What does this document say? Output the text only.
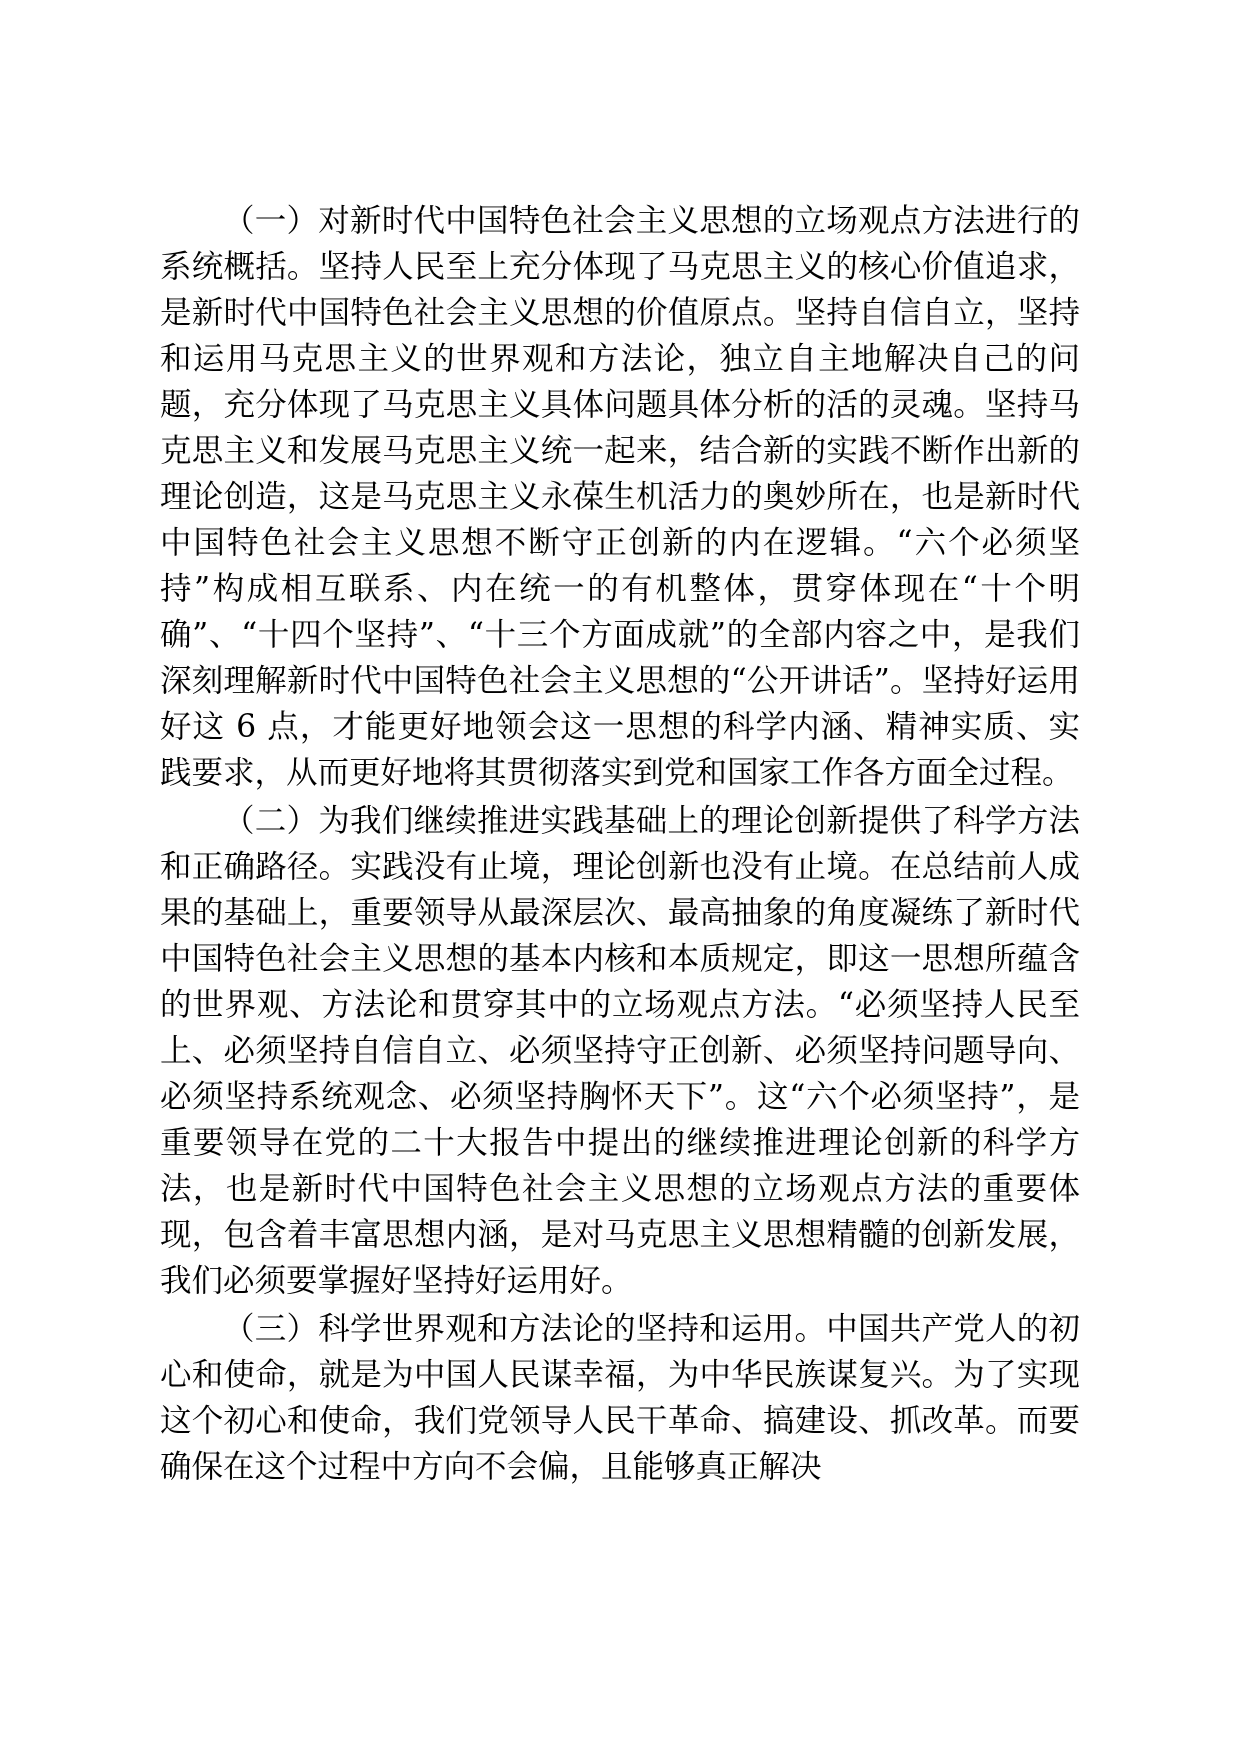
（一）对新时代中国特色社会主义思想的立场观点方法进行的系统概括。坚持人民至上充分体现了马克思主义的核心价值追求，是新时代中国特色社会主义思想的价值原点。坚持自信自立，坚持和运用马克思主义的世界观和方法论，独立自主地解决自己的问题，充分体现了马克思主义具体问题具体分析的活的灵魂。坚持马克思主义和发展马克思主义统一起来，结合新的实践不断作出新的理论创造，这是马克思主义永葆生机活力的奥妙所在，也是新时代中国特色社会主义思想不断守正创新的内在逻辑。“六个必须坚持”构成相互联系、内在统一的有机整体，贯穿体现在“十个明确”、“十四个坚持”、“十三个方面成就”的全部内容之中，是我们深刻理解新时代中国特色社会主义思想的“公开讲话”。坚持好运用好这 6 点，才能更好地领会这一思想的科学内涵、精神实质、实践要求，从而更好地将其贯彻落实到党和国家工作各方面全过程。

（二）为我们继续推进实践基础上的理论创新提供了科学方法和正确路径。实践没有止境，理论创新也没有止境。在总结前人成果的基础上，重要领导从最深层次、最高抽象的角度凝练了新时代中国特色社会主义思想的基本内核和本质规定，即这一思想所蕴含的世界观、方法论和贯穿其中的立场观点方法。“必须坚持人民至上、必须坚持自信自立、必须坚持守正创新、必须坚持问题导向、必须坚持系统观念、必须坚持胸怀天下”。这“六个必须坚持”，是重要领导在党的二十大报告中提出的继续推进理论创新的科学方法，也是新时代中国特色社会主义思想的立场观点方法的重要体现，包含着丰富思想内涵，是对马克思主义思想精髓的创新发展，我们必须要掌握好坚持好运用好。

（三）科学世界观和方法论的坚持和运用。中国共产党人的初心和使命，就是为中国人民谋幸福，为中华民族谋复兴。为了实现这个初心和使命，我们党领导人民干革命、搞建设、抓改革。而要确保在这个过程中方向不会偏，且能够真正解决
